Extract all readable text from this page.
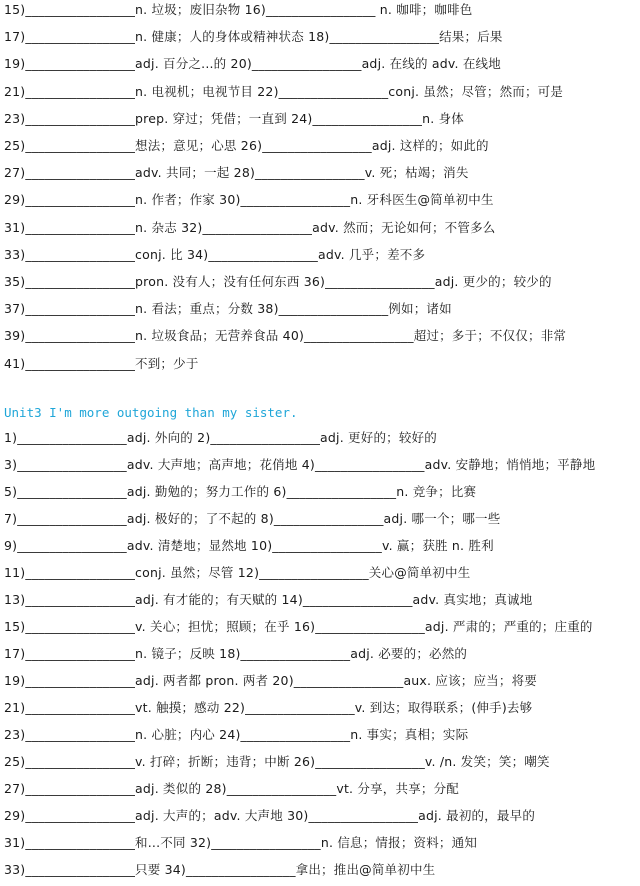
15)_________________n. 垃圾；废旧杂物 16)_________________ n. 咖啡；咖啡色
17)_________________n. 健康；人的身体或精神状态 18)_________________结果；后果
19)_________________adj. 百分之...的 20)_________________adj. 在线的 adv. 在线地
21)_________________n. 电视机；电视节目 22)_________________conj. 虽然；尽管；然而；可是
23)_________________prep. 穿过；凭借；一直到 24)_________________n. 身体
25)_________________想法；意见；心思 26)_________________adj. 这样的；如此的
27)_________________adv. 共同；一起 28)_________________v. 死；枯竭；消失
29)_________________n. 作者；作家 30)_________________n. 牙科医生@简单初中生
31)_________________n. 杂志 32)_________________adv. 然而；无论如何；不管多么
33)_________________conj. 比 34)_________________adv. 几乎；差不多
35)_________________pron. 没有人；没有任何东西 36)_________________adj. 更少的；较少的
37)_________________n. 看法；重点；分数 38)_________________例如；诸如
39)_________________n. 垃圾食品；无营养食品 40)_________________超过；多于；不仅仅；非常
41)_________________不到；少于
Unit3 I'm more outgoing than my sister.
1)_________________adj. 外向的 2)_________________adj. 更好的；较好的
3)_________________adv. 大声地；高声地；花俏地 4)_________________adv. 安静地；悄悄地；平静地
5)_________________adj. 勤勉的；努力工作的 6)_________________n. 竞争；比赛
7)_________________adj. 极好的；了不起的 8)_________________adj. 哪一个；哪一些
9)_________________adv. 清楚地；显然地 10)_________________v. 赢；获胜 n. 胜利
11)_________________conj. 虽然；尽管 12)_________________关心@简单初中生
13)_________________adj. 有才能的；有天赋的 14)_________________adv. 真实地；真诚地
15)_________________v. 关心；担忧；照顾；在乎 16)_________________adj. 严肃的；严重的；庄重的
17)_________________n. 镜子；反映 18)_________________adj. 必要的；必然的
19)_________________adj. 两者都 pron. 两者 20)_________________aux. 应该；应当；将要
21)_________________vt. 触摸；感动 22)_________________v. 到达；取得联系；(伸手)去够
23)_________________n. 心脏；内心 24)_________________n. 事实；真相；实际
25)_________________v. 打碎；折断；违背；中断 26)_________________v. /n. 发笑；笑；嘲笑
27)_________________adj. 类似的 28)_________________vt. 分享，共享；分配
29)_________________adj. 大声的；adv. 大声地 30)_________________adj. 最初的，最早的
31)_________________和...不同 32)_________________n. 信息；情报；资料；通知
33)_________________只要 34)_________________拿出；推出@简单初中生
